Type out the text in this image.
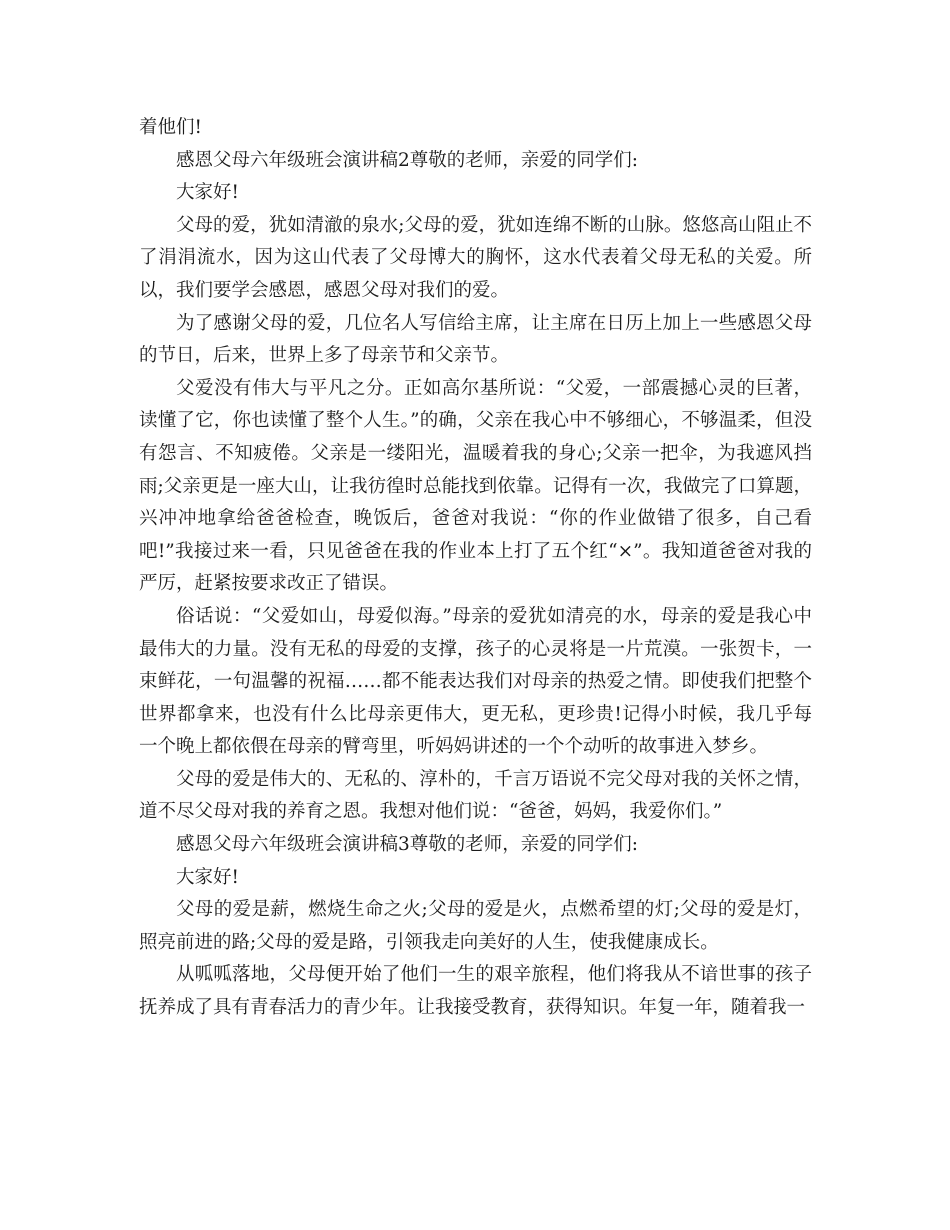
着他们!

感恩父母六年级班会演讲稿2尊敬的老师，亲爱的同学们:

大家好!

父母的爱，犹如清澈的泉水;父母的爱，犹如连绵不断的山脉。悠悠高山阻止不了涓涓流水，因为这山代表了父母博大的胸怀，这水代表着父母无私的关爱。所以，我们要学会感恩，感恩父母对我们的爱。

为了感谢父母的爱，几位名人写信给主席，让主席在日历上加上一些感恩父母的节日，后来，世界上多了母亲节和父亲节。

父爱没有伟大与平凡之分。正如高尔基所说：“父爱，一部震撼心灵的巨著，读懂了它，你也读懂了整个人生。”的确，父亲在我心中不够细心，不够温柔，但没有怨言、不知疲倦。父亲是一缕阳光，温暖着我的身心;父亲一把伞，为我遮风挡雨;父亲更是一座大山，让我彷徨时总能找到依靠。记得有一次，我做完了口算题，兴冲冲地拿给爸爸检查，晚饭后，爸爸对我说：“你的作业做错了很多，自己看吧!”我接过来一看，只见爸爸在我的作业本上打了五个红“×”。我知道爸爸对我的严厉，赶紧按要求改正了错误。

俗话说：“父爱如山，母爱似海。”母亲的爱犹如清亮的水，母亲的爱是我心中最伟大的力量。没有无私的母爱的支撑，孩子的心灵将是一片荒漠。一张贺卡，一束鲜花，一句温馨的祝福……都不能表达我们对母亲的热爱之情。即使我们把整个世界都拿来，也没有什么比母亲更伟大，更无私，更珍贵!记得小时候，我几乎每一个晚上都依偎在母亲的臂弯里，听妈妈讲述的一个个动听的故事进入梦乡。

父母的爱是伟大的、无私的、淳朴的，千言万语说不完父母对我的关怀之情，道不尽父母对我的养育之恩。我想对他们说：“爸爸，妈妈，我爱你们。”

感恩父母六年级班会演讲稿3尊敬的老师，亲爱的同学们:

大家好!

父母的爱是薪，燃烧生命之火;父母的爱是火，点燃希望的灯;父母的爱是灯，照亮前进的路;父母的爱是路，引领我走向美好的人生，使我健康成长。

从呱呱落地，父母便开始了他们一生的艰辛旅程，他们将我从不谙世事的孩子抚养成了具有青春活力的青少年。让我接受教育，获得知识。年复一年，随着我一
